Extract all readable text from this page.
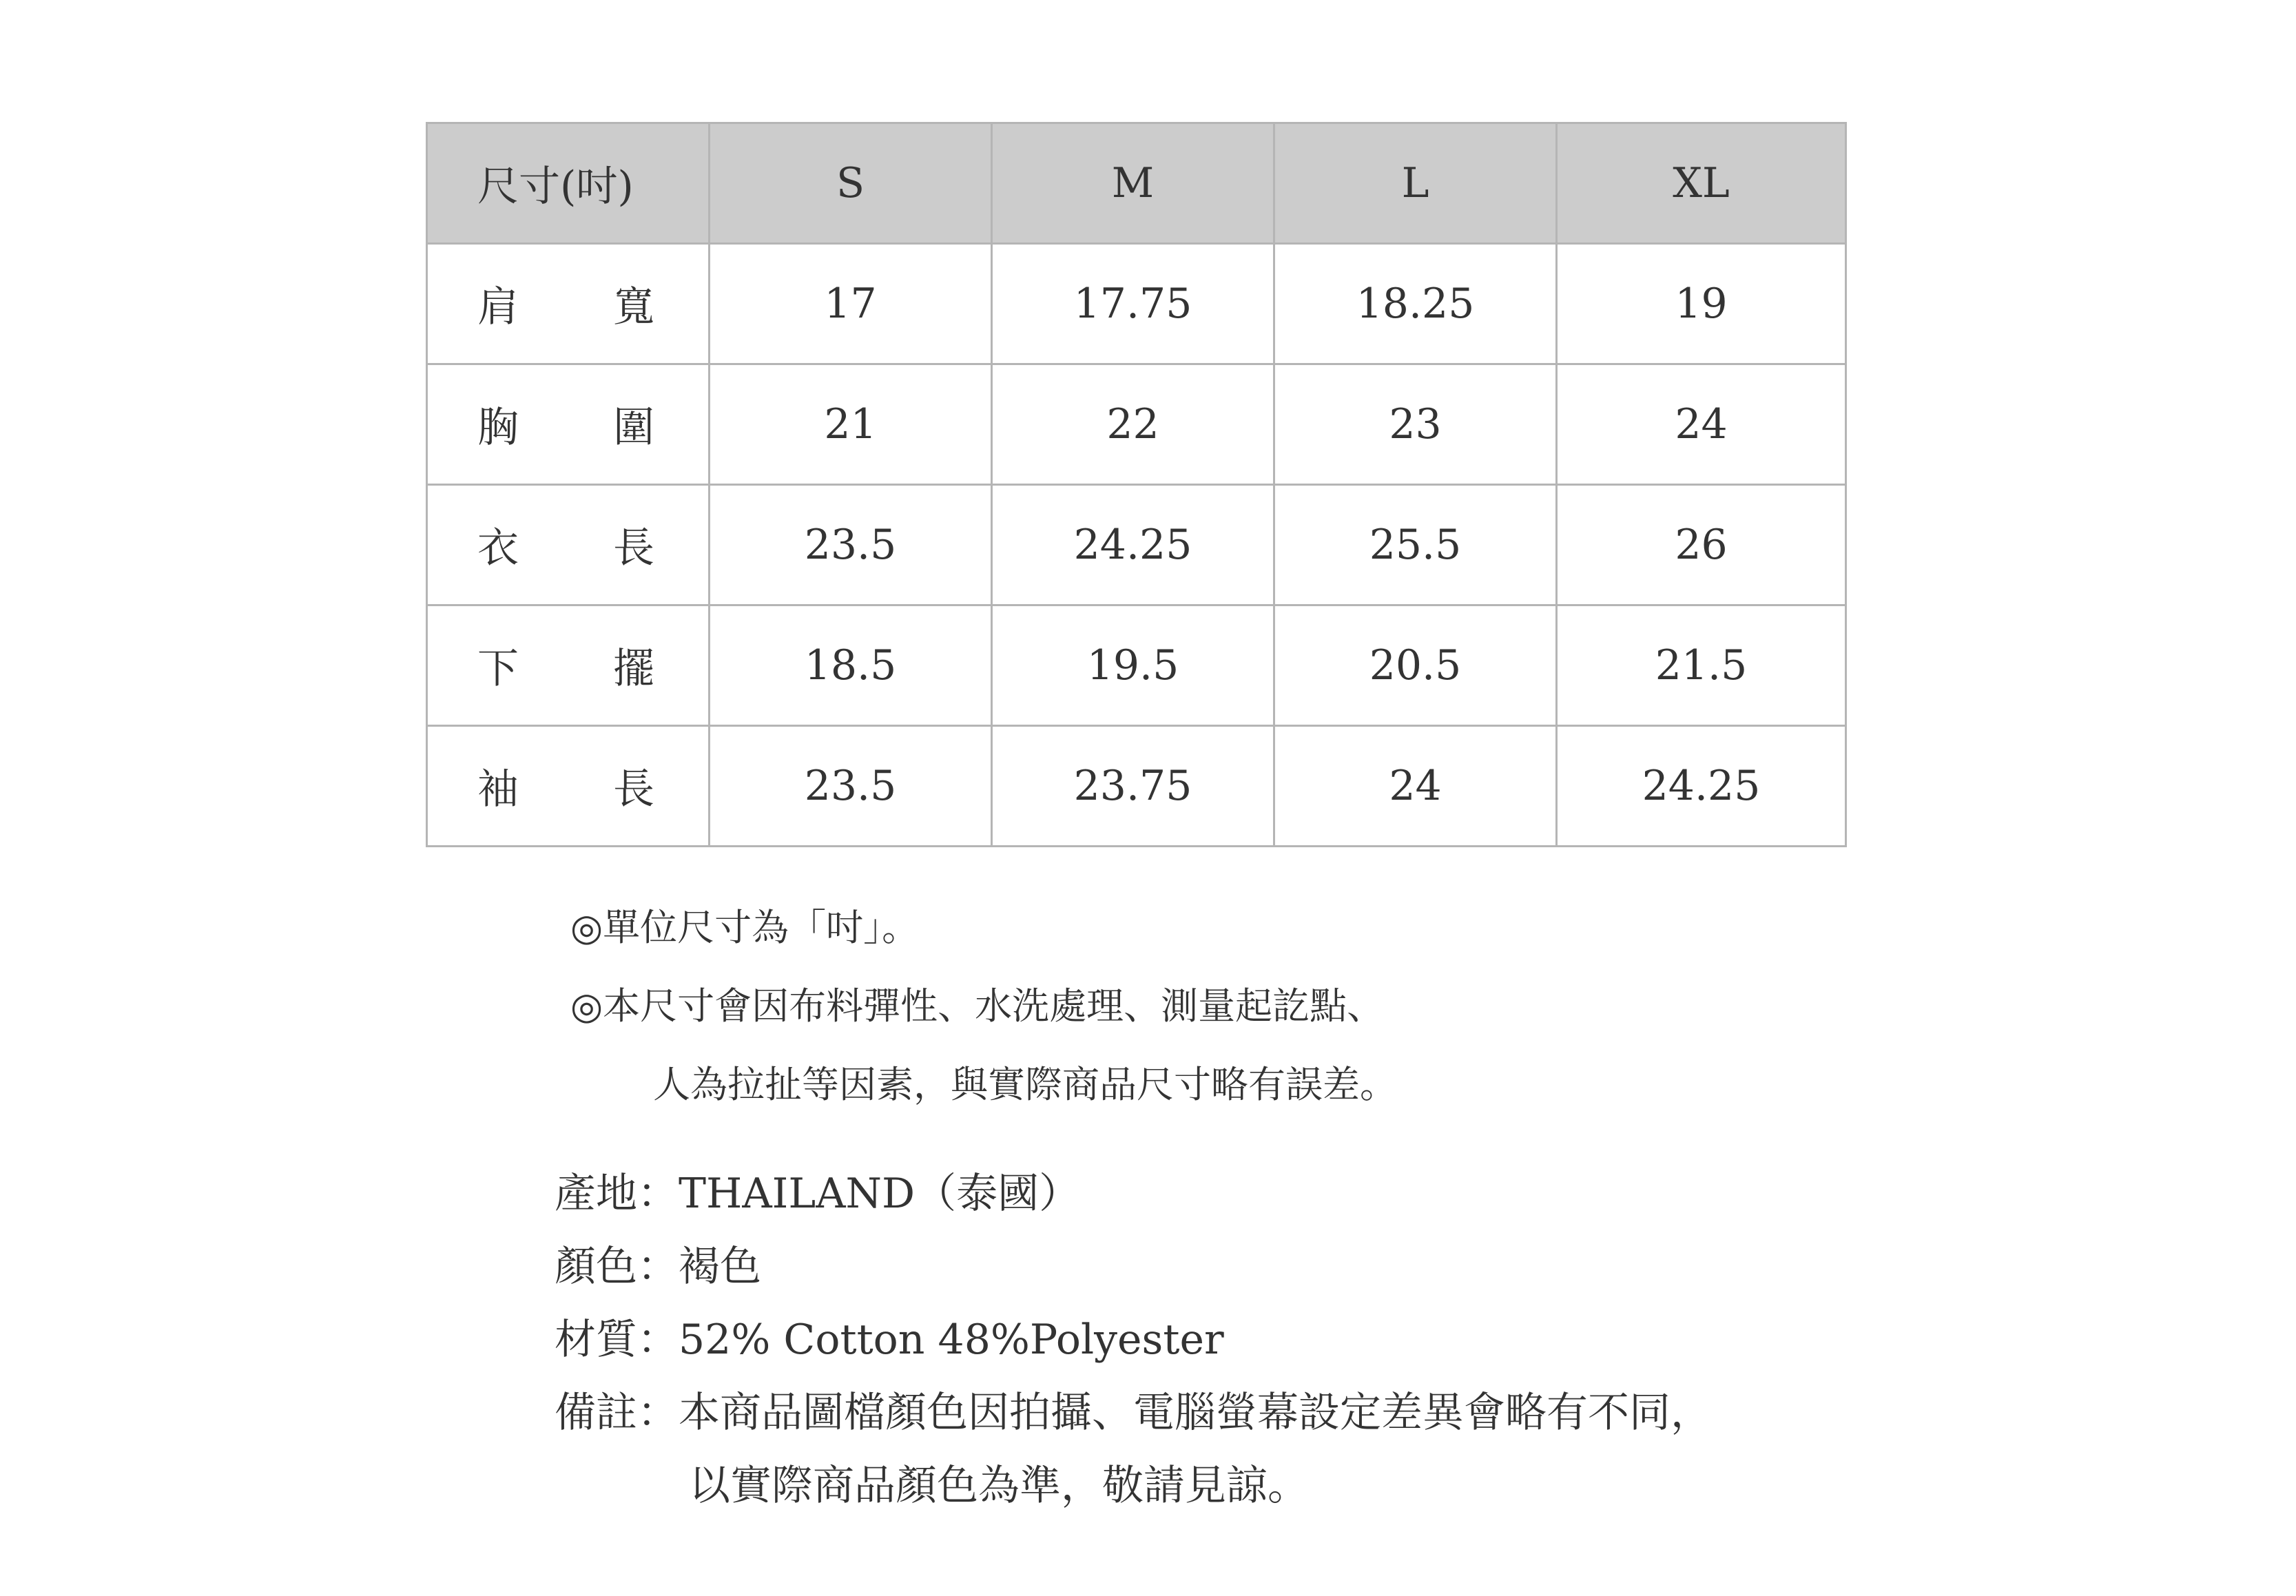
尺寸(吋)	S	M	L	XL

肩 寬	17	17.75	18.25	19

胸 圍	21	22	23	24

衣 長	23.5	24.25	25.5	26

下 擺	18.5	19.5	20.5	21.5

袖 長	23.5	23.75	24	24.25
◎單位尺寸為「吋」。
◎本尺寸會因布料彈性、水洗處理、測量起訖點、
人為拉扯等因素，與實際商品尺寸略有誤差。
產地： THAILAND（泰國）
顏色： 褐色
材質： 52% Cotton 48%Polyester
備註： 本商品圖檔顏色因拍攝、電腦螢幕設定差異會略有不同，
以實際商品顏色為準，敬請見諒。
